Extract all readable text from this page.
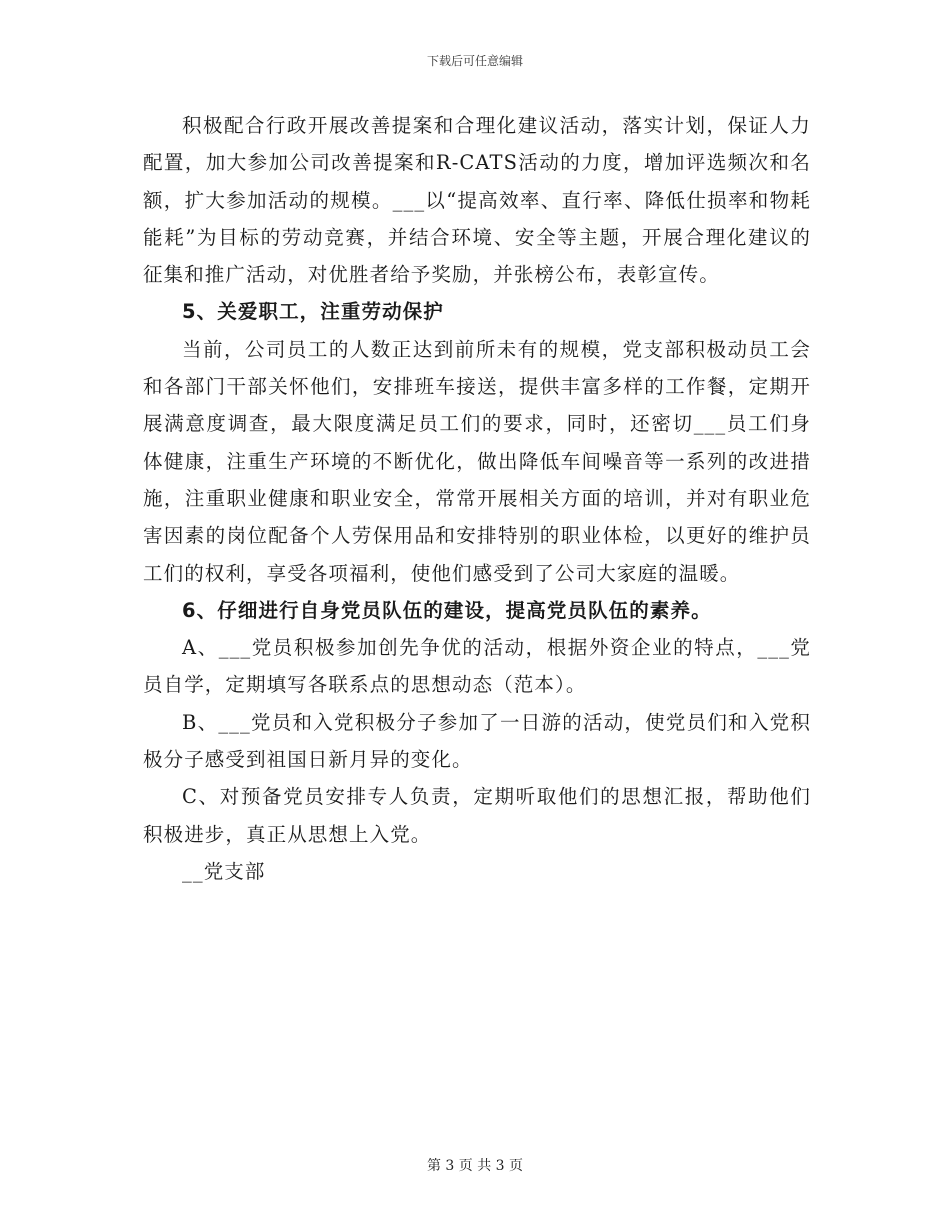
下载后可任意编辑

积极配合行政开展改善提案和合理化建议活动，落实计划，保证人力配置，加大参加公司改善提案和R-CATS活动的力度，增加评选频次和名额，扩大参加活动的规模。___以“提高效率、直行率、降低仕损率和物耗能耗”为目标的劳动竞赛，并结合环境、安全等主题，开展合理化建议的征集和推广活动，对优胜者给予奖励，并张榜公布，表彰宣传。

5、关爱职工，注重劳动保护

当前，公司员工的人数正达到前所未有的规模，党支部积极动员工会和各部门干部关怀他们，安排班车接送，提供丰富多样的工作餐，定期开展满意度调查，最大限度满足员工们的要求，同时，还密切___员工们身体健康，注重生产环境的不断优化，做出降低车间噪音等一系列的改进措施，注重职业健康和职业安全，常常开展相关方面的培训，并对有职业危害因素的岗位配备个人劳保用品和安排特别的职业体检，以更好的维护员工们的权利，享受各项福利，使他们感受到了公司大家庭的温暖。

6、仔细进行自身党员队伍的建设，提高党员队伍的素养。

A、___党员积极参加创先争优的活动，根据外资企业的特点，___党员自学，定期填写各联系点的思想动态（范本）。

B、___党员和入党积极分子参加了一日游的活动，使党员们和入党积极分子感受到祖国日新月异的变化。

C、对预备党员安排专人负责，定期听取他们的思想汇报，帮助他们积极进步，真正从思想上入党。

__党支部

第 3 页 共 3 页
